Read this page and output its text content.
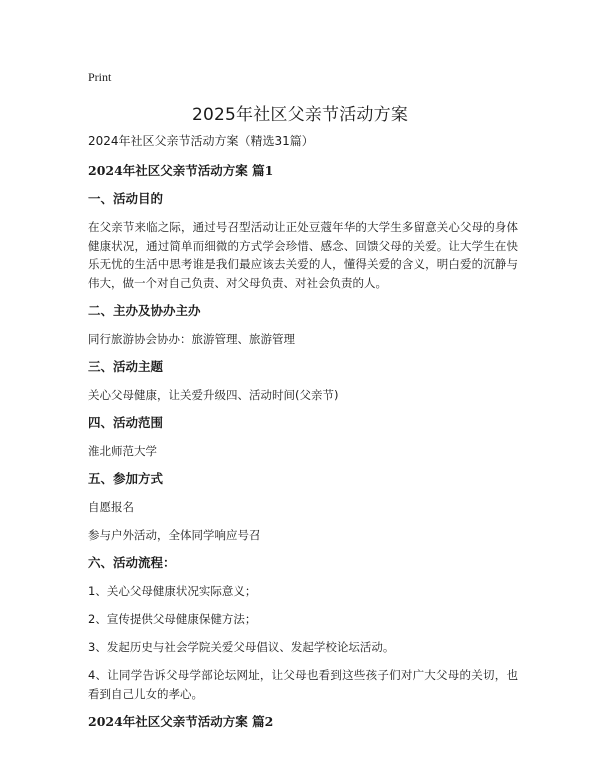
Print
2025年社区父亲节活动方案

2024年社区父亲节活动方案（精选31篇）

2024年社区父亲节活动方案 篇1

一、活动目的

在父亲节来临之际，通过号召型活动让正处豆蔻年华的大学生多留意关心父母的身体健康状况，通过简单而细微的方式学会珍惜、感念、回馈父母的关爱。让大学生在快乐无忧的生活中思考谁是我们最应该去关爱的人，懂得关爱的含义，明白爱的沉静与伟大，做一个对自己负责、对父母负责、对社会负责的人。

二、主办及协办主办

同行旅游协会协办：旅游管理、旅游管理

三、活动主题

关心父母健康，让关爱升级四、活动时间(父亲节)

四、活动范围

淮北师范大学

五、参加方式

自愿报名

参与户外活动，全体同学响应号召

六、活动流程：

1、关心父母健康状况实际意义；

2、宣传提供父母健康保健方法；

3、发起历史与社会学院关爱父母倡议、发起学校论坛活动。

4、让同学告诉父母学部论坛网址，让父母也看到这些孩子们对广大父母的关切，也看到自己儿女的孝心。

2024年社区父亲节活动方案 篇2
